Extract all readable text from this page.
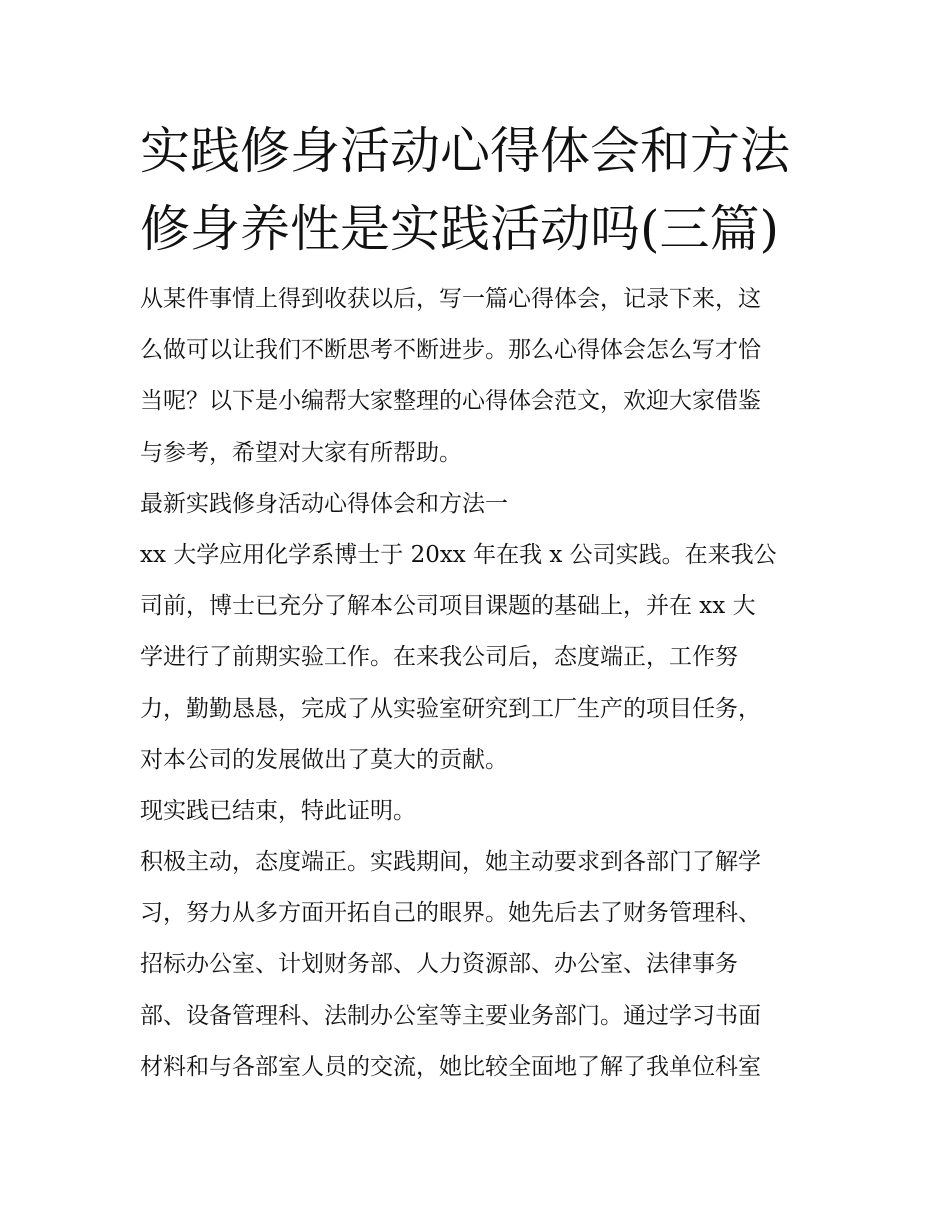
实践修身活动心得体会和方法
修身养性是实践活动吗(三篇)
从某件事情上得到收获以后，写一篇心得体会，记录下来，这
么做可以让我们不断思考不断进步。那么心得体会怎么写才恰
当呢？以下是小编帮大家整理的心得体会范文，欢迎大家借鉴
与参考，希望对大家有所帮助。
最新实践修身活动心得体会和方法一
xx 大学应用化学系博士于 20xx 年在我 x 公司实践。在来我公
司前，博士已充分了解本公司项目课题的基础上，并在 xx 大
学进行了前期实验工作。在来我公司后，态度端正，工作努
力，勤勤恳恳，完成了从实验室研究到工厂生产的项目任务，
对本公司的发展做出了莫大的贡献。
现实践已结束，特此证明。
积极主动，态度端正。实践期间，她主动要求到各部门了解学
习，努力从多方面开拓自己的眼界。她先后去了财务管理科、
招标办公室、计划财务部、人力资源部、办公室、法律事务
部、设备管理科、法制办公室等主要业务部门。通过学习书面
材料和与各部室人员的交流，她比较全面地了解了我单位科室
